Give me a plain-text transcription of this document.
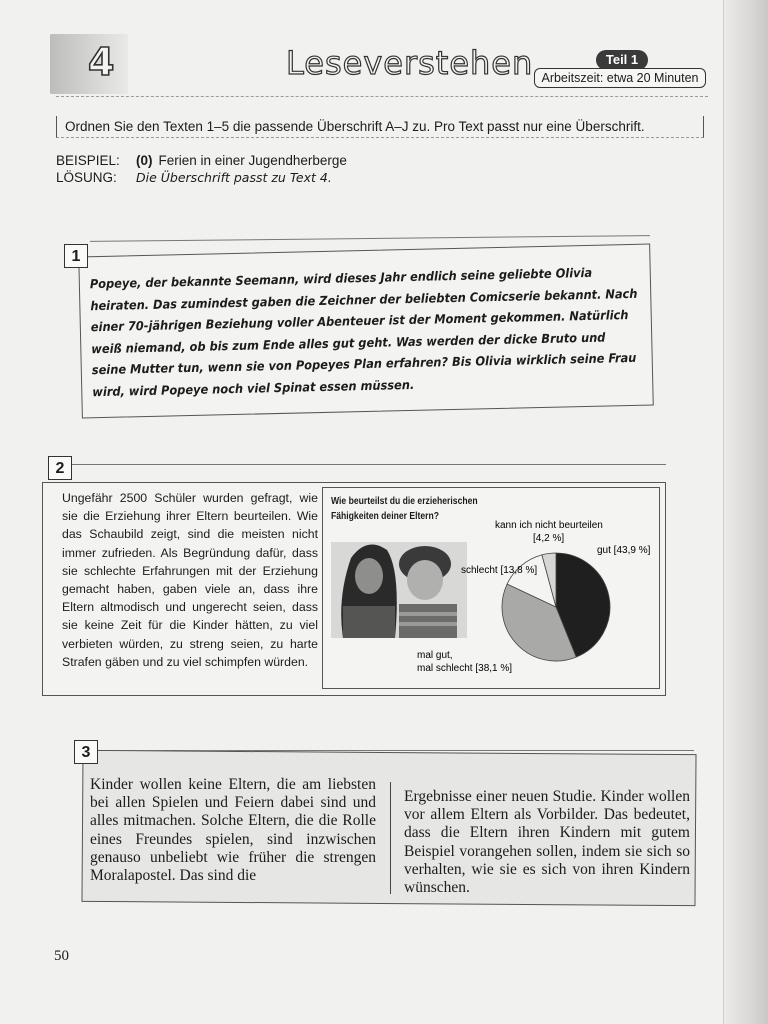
4	Leseverstehen	Teil 1
Arbeitszeit: etwa 20 Minuten
Ordnen Sie den Texten 1–5 die passende Überschrift A–J zu. Pro Text passt nur eine Überschrift.
BEISPIEL:	(0) Ferien in einer Jugendherberge
LÖSUNG:	Die Überschrift passt zu Text 4.
Popeye, der bekannte Seemann, wird dieses Jahr endlich seine geliebte Olivia heiraten. Das zumindest gaben die Zeichner der beliebten Comicserie bekannt. Nach einer 70-jährigen Beziehung voller Abenteuer ist der Moment gekommen. Natürlich weiß niemand, ob bis zum Ende alles gut geht. Was werden der dicke Bruto und seine Mutter tun, wenn sie von Popeyes Plan erfahren? Bis Olivia wirklich seine Frau wird, wird Popeye noch viel Spinat essen müssen.
1
2
Ungefähr 2500 Schüler wurden gefragt, wie sie die Erziehung ihrer Eltern beurteilen. Wie das Schaubild zeigt, sind die meisten nicht immer zufrieden. Als Begründung dafür, dass sie schlechte Erfahrungen mit der Erziehung gemacht haben, gaben viele an, dass ihre Eltern altmodisch und ungerecht seien, dass sie keine Zeit für die Kinder hätten, zu viel verbieten würden, zu streng seien, zu harte Strafen gäben und zu viel schimpfen würden.
Wie beurteilst du die erzieherischen Fähigkeiten deiner Eltern?
kann ich nicht beurteilen
[4,2 %]
gut [43,9 %]
schlecht [13,8 %]
mal gut,
mal schlecht [38,1 %]
3
Kinder wollen keine Eltern, die am liebsten bei allen Spielen und Feiern dabei sind und alles mitmachen. Solche Eltern, die die Rolle eines Freundes spielen, sind inzwischen genauso unbeliebt wie früher die strengen Moralapostel. Das sind die
Ergebnisse einer neuen Studie. Kinder wollen vor allem Eltern als Vorbilder. Das bedeutet, dass die Eltern ihren Kindern mit gutem Beispiel vorangehen sollen, indem sie sich so verhalten, wie sie es sich von ihren Kindern wünschen.
50
